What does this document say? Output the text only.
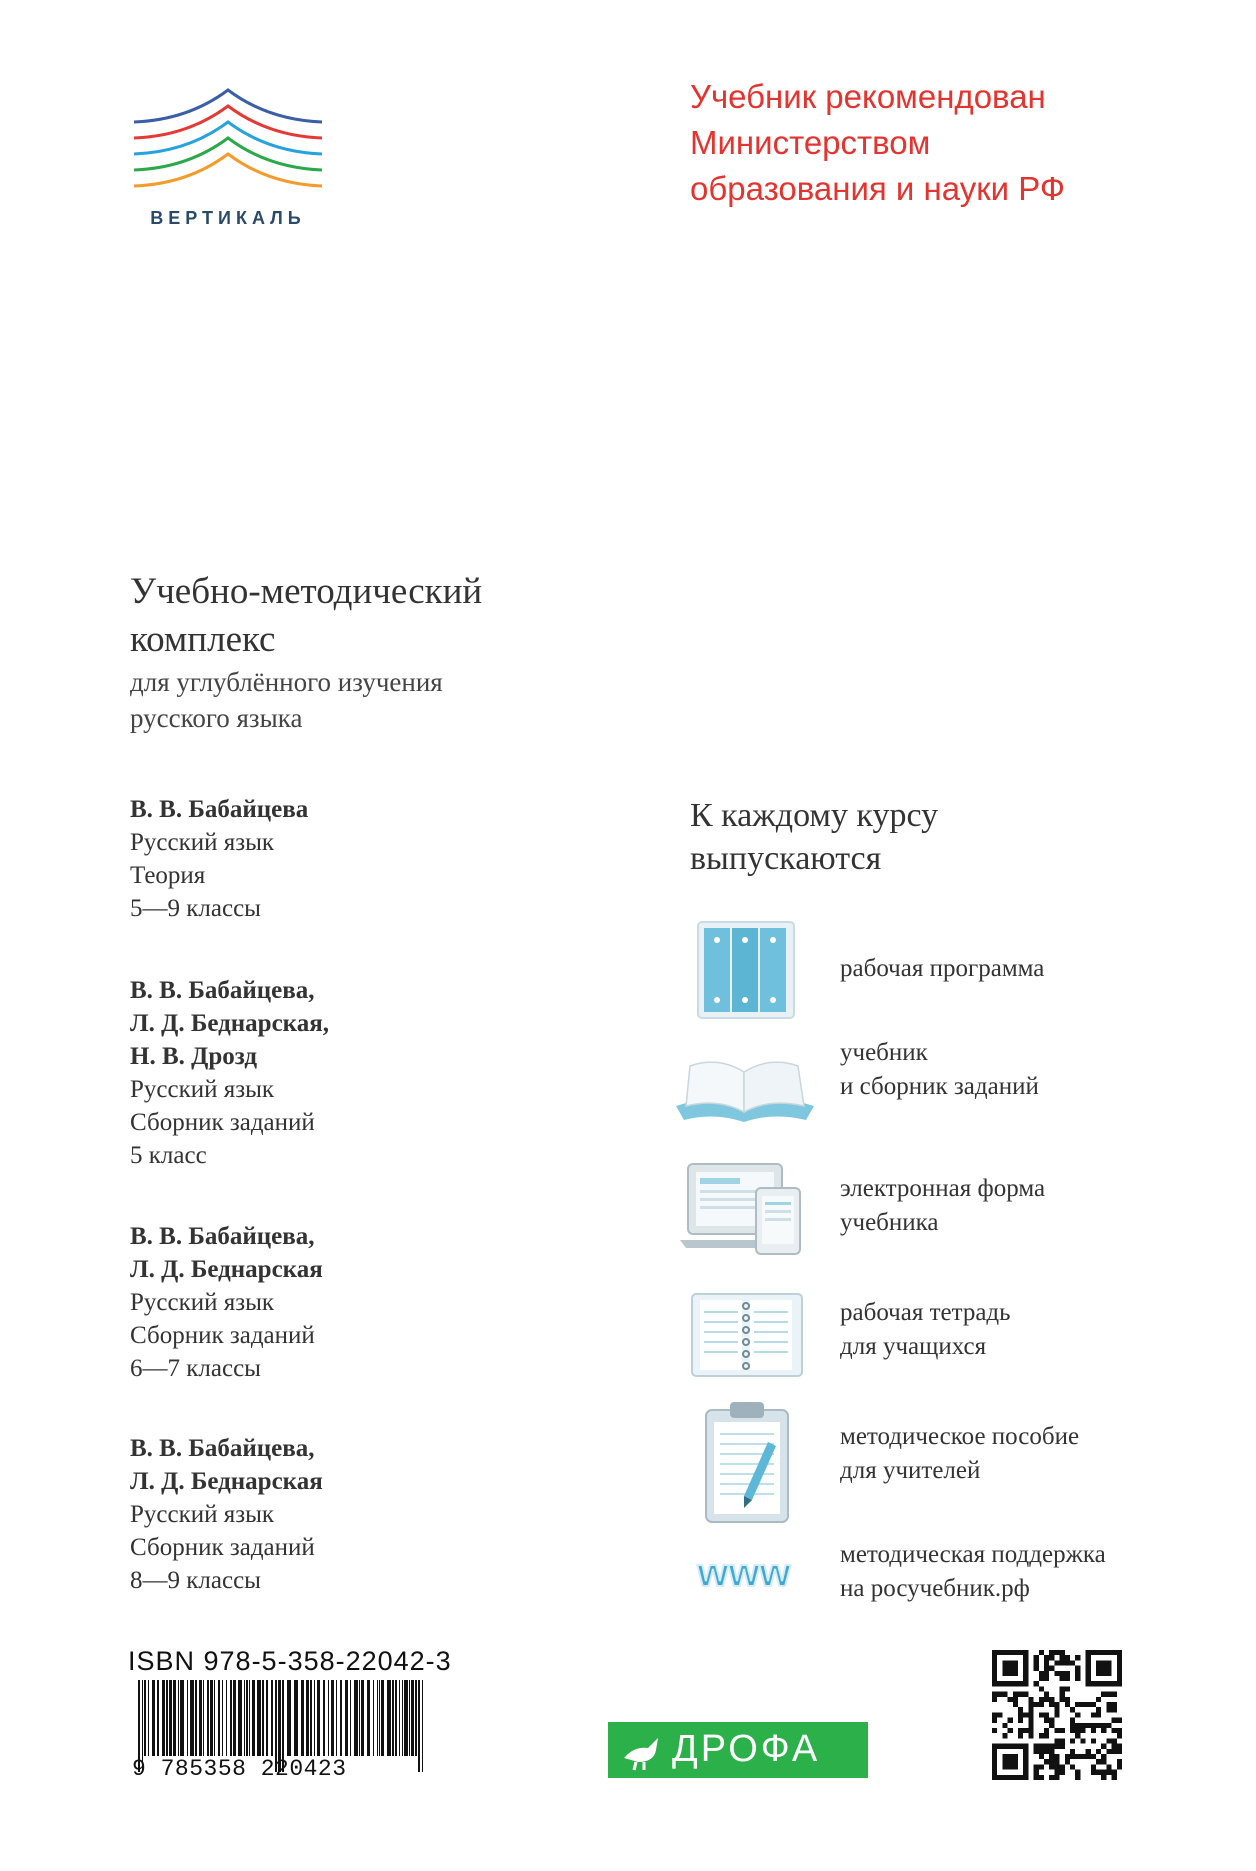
ВЕРТИКАЛЬ
Учебник рекомендован
Министерством
образования и науки РФ
Учебно-методический
комплекс
для углублённого изучения
русского языка
В. В. Бабайцева
Русский язык
Теория
5—9 классы
В. В. Бабайцева,
Л. Д. Беднарская,
Н. В. Дрозд
Русский язык
Сборник заданий
5 класс
В. В. Бабайцева,
Л. Д. Беднарская
Русский язык
Сборник заданий
6—7 классы
В. В. Бабайцева,
Л. Д. Беднарская
Русский язык
Сборник заданий
8—9 классы
К каждому курсу
выпускаются
рабочая программа
учебник
и сборник заданий
электронная форма
учебника
рабочая тетрадь
для учащихся
методическое пособие
для учителей
www методическая поддержка
на росучебник.рф
ISBN 978-5-358-22042-3
9 785358 220423	ДРОФА
